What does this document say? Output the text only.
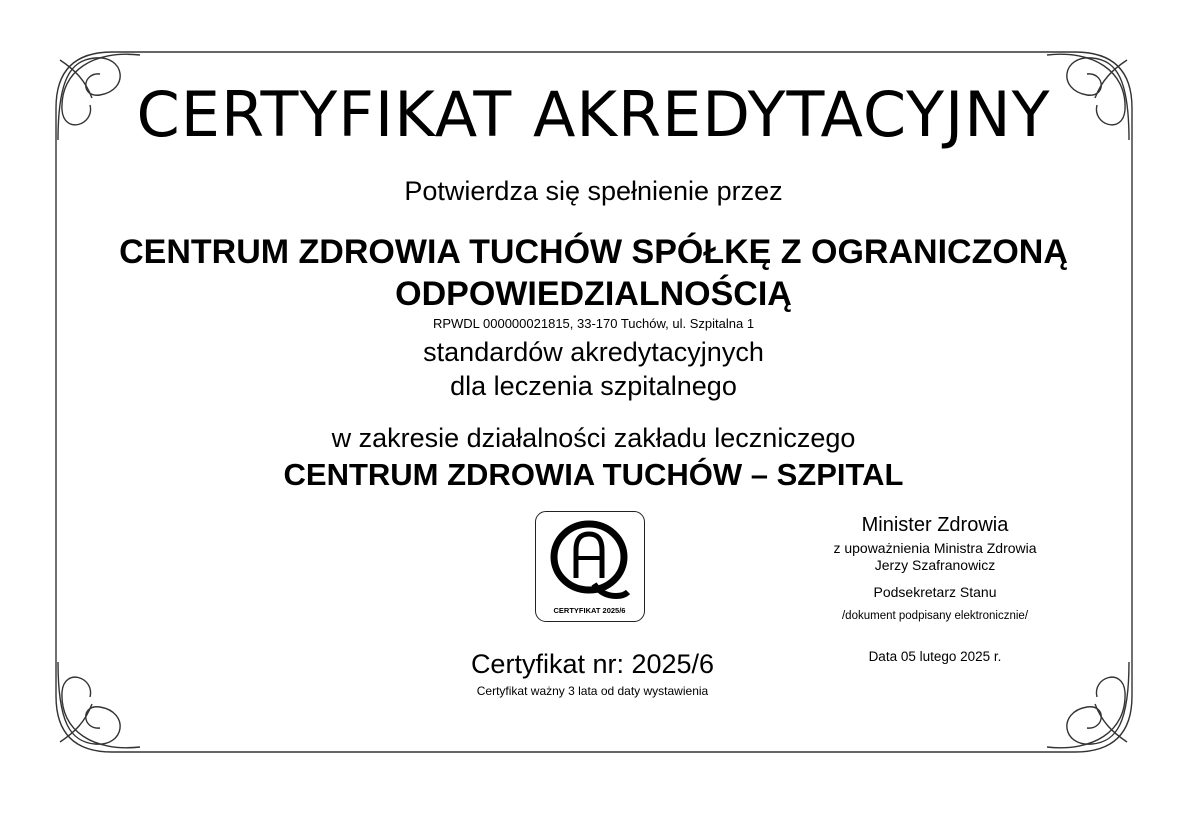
CERTYFIKAT AKREDYTACYJNY
Potwierdza się spełnienie przez
CENTRUM ZDROWIA TUCHÓW SPÓŁKĘ Z OGRANICZONĄ
ODPOWIEDZIALNOŚCIĄ
RPWDL 000000021815, 33-170 Tuchów, ul. Szpitalna 1
standardów akredytacyjnych
dla leczenia szpitalnego
w zakresie działalności zakładu leczniczego
CENTRUM ZDROWIA TUCHÓW – SZPITAL
CERTYFIKAT 2025/6
Certyfikat nr: 2025/6
Certyfikat ważny 3 lata od daty wystawienia
Minister Zdrowia
z upoważnienia Ministra Zdrowia
Jerzy Szafranowicz
Podsekretarz Stanu
/dokument podpisany elektronicznie/
Data 05 lutego 2025 r.
